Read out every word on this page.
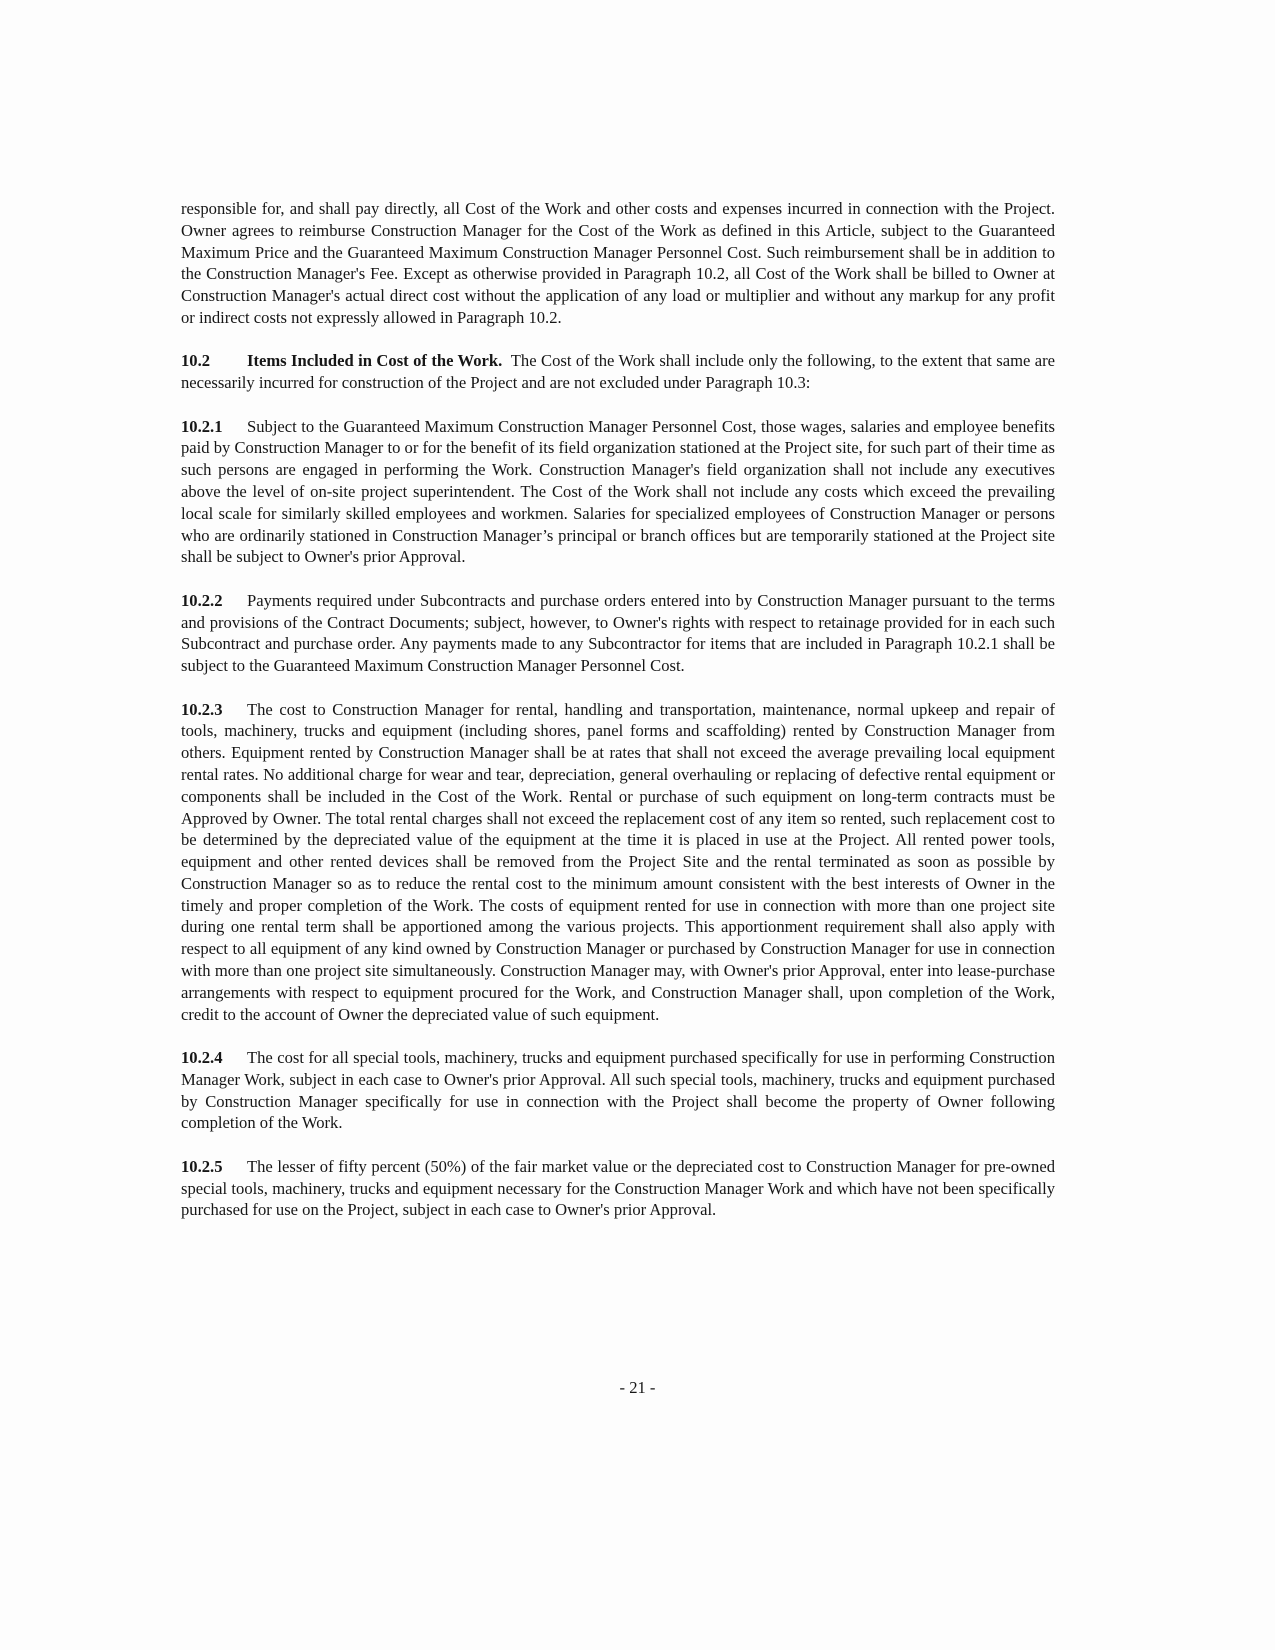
responsible for, and shall pay directly, all Cost of the Work and other costs and expenses incurred in connection with the Project. Owner agrees to reimburse Construction Manager for the Cost of the Work as defined in this Article, subject to the Guaranteed Maximum Price and the Guaranteed Maximum Construction Manager Personnel Cost. Such reimbursement shall be in addition to the Construction Manager's Fee. Except as otherwise provided in Paragraph 10.2, all Cost of the Work shall be billed to Owner at Construction Manager's actual direct cost without the application of any load or multiplier and without any markup for any profit or indirect costs not expressly allowed in Paragraph 10.2.

10.2 Items Included in Cost of the Work. The Cost of the Work shall include only the following, to the extent that same are necessarily incurred for construction of the Project and are not excluded under Paragraph 10.3:

10.2.1 Subject to the Guaranteed Maximum Construction Manager Personnel Cost, those wages, salaries and employee benefits paid by Construction Manager to or for the benefit of its field organization stationed at the Project site, for such part of their time as such persons are engaged in performing the Work. Construction Manager's field organization shall not include any executives above the level of on-site project superintendent. The Cost of the Work shall not include any costs which exceed the prevailing local scale for similarly skilled employees and workmen. Salaries for specialized employees of Construction Manager or persons who are ordinarily stationed in Construction Manager’s principal or branch offices but are temporarily stationed at the Project site shall be subject to Owner's prior Approval.

10.2.2 Payments required under Subcontracts and purchase orders entered into by Construction Manager pursuant to the terms and provisions of the Contract Documents; subject, however, to Owner's rights with respect to retainage provided for in each such Subcontract and purchase order. Any payments made to any Subcontractor for items that are included in Paragraph 10.2.1 shall be subject to the Guaranteed Maximum Construction Manager Personnel Cost.

10.2.3 The cost to Construction Manager for rental, handling and transportation, maintenance, normal upkeep and repair of tools, machinery, trucks and equipment (including shores, panel forms and scaffolding) rented by Construction Manager from others. Equipment rented by Construction Manager shall be at rates that shall not exceed the average prevailing local equipment rental rates. No additional charge for wear and tear, depreciation, general overhauling or replacing of defective rental equipment or components shall be included in the Cost of the Work. Rental or purchase of such equipment on long-term contracts must be Approved by Owner. The total rental charges shall not exceed the replacement cost of any item so rented, such replacement cost to be determined by the depreciated value of the equipment at the time it is placed in use at the Project. All rented power tools, equipment and other rented devices shall be removed from the Project Site and the rental terminated as soon as possible by Construction Manager so as to reduce the rental cost to the minimum amount consistent with the best interests of Owner in the timely and proper completion of the Work. The costs of equipment rented for use in connection with more than one project site during one rental term shall be apportioned among the various projects. This apportionment requirement shall also apply with respect to all equipment of any kind owned by Construction Manager or purchased by Construction Manager for use in connection with more than one project site simultaneously. Construction Manager may, with Owner's prior Approval, enter into lease-purchase arrangements with respect to equipment procured for the Work, and Construction Manager shall, upon completion of the Work, credit to the account of Owner the depreciated value of such equipment.

10.2.4 The cost for all special tools, machinery, trucks and equipment purchased specifically for use in performing Construction Manager Work, subject in each case to Owner's prior Approval. All such special tools, machinery, trucks and equipment purchased by Construction Manager specifically for use in connection with the Project shall become the property of Owner following completion of the Work.

10.2.5 The lesser of fifty percent (50%) of the fair market value or the depreciated cost to Construction Manager for pre-owned special tools, machinery, trucks and equipment necessary for the Construction Manager Work and which have not been specifically purchased for use on the Project, subject in each case to Owner's prior Approval.

- 21 -
